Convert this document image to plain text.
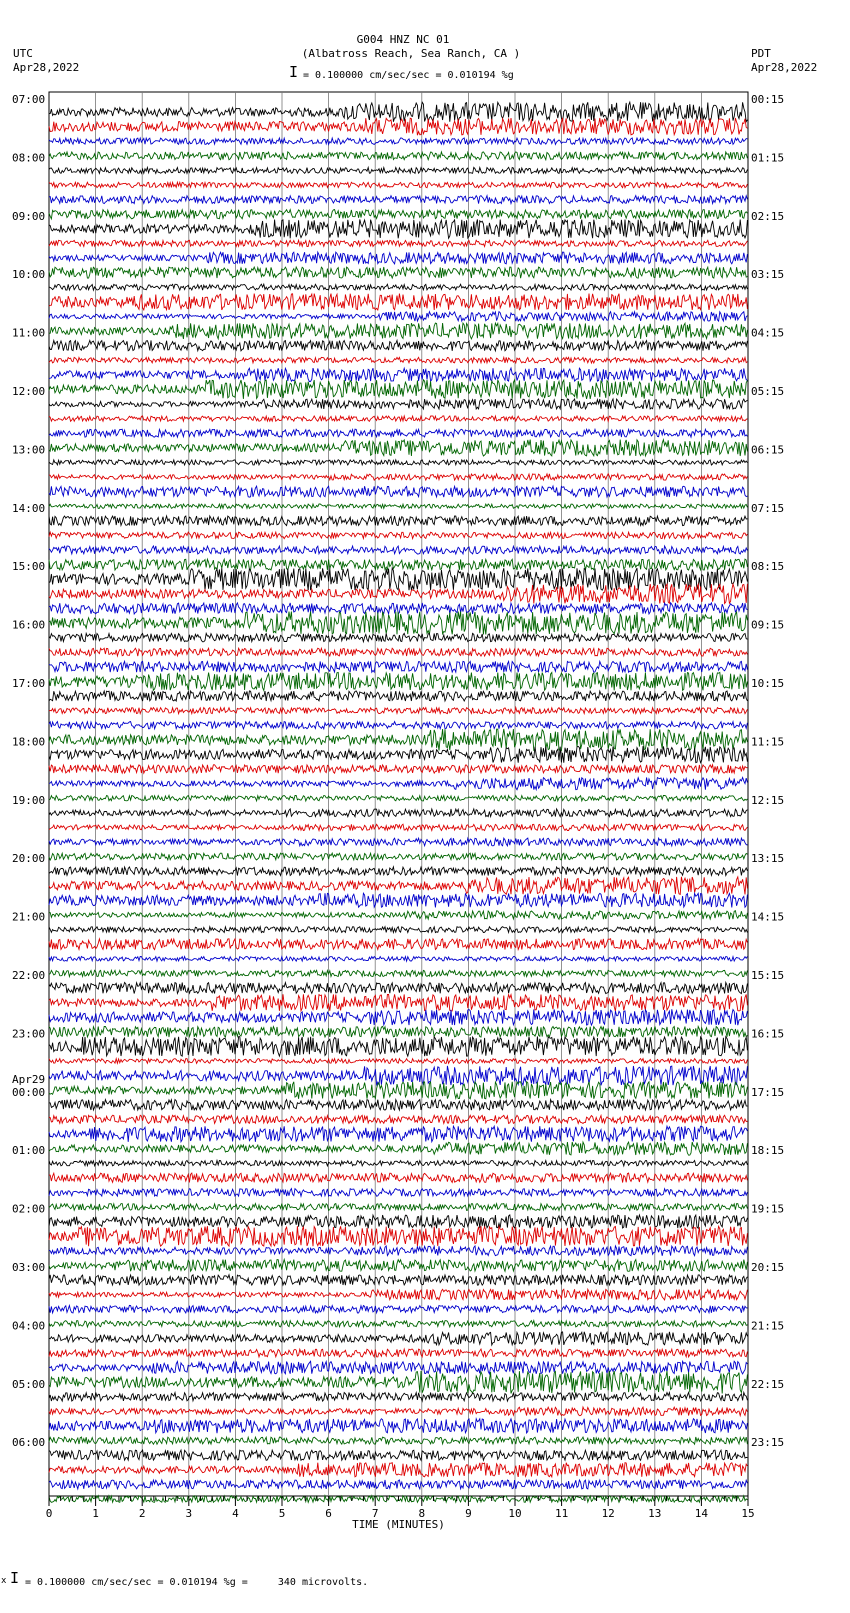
G004 HNZ NC 01
(Albatross Reach, Sea Ranch, CA )
UTC
Apr28,2022
PDT
Apr28,2022
I = 0.100000 cm/sec/sec = 0.010194 %g
07:00
08:00
09:00
10:00
11:00
12:00
13:00
14:00
15:00
16:00
17:00
18:00
19:00
20:00
21:00
22:00
23:00
00:00
01:00
02:00
03:00
04:00
05:00
06:00
00:15
01:15
02:15
03:15
04:15
05:15
06:15
07:15
08:15
09:15
10:15
11:15
12:15
13:15
14:15
15:15
16:15
17:15
18:15
19:15
20:15
21:15
22:15
23:15
Apr29
0	1	2	3	4	5	6	7	8	9	10	11	12	13	14	15
TIME (MINUTES)
x I = 0.100000 cm/sec/sec = 0.010194 %g =     340 microvolts.
